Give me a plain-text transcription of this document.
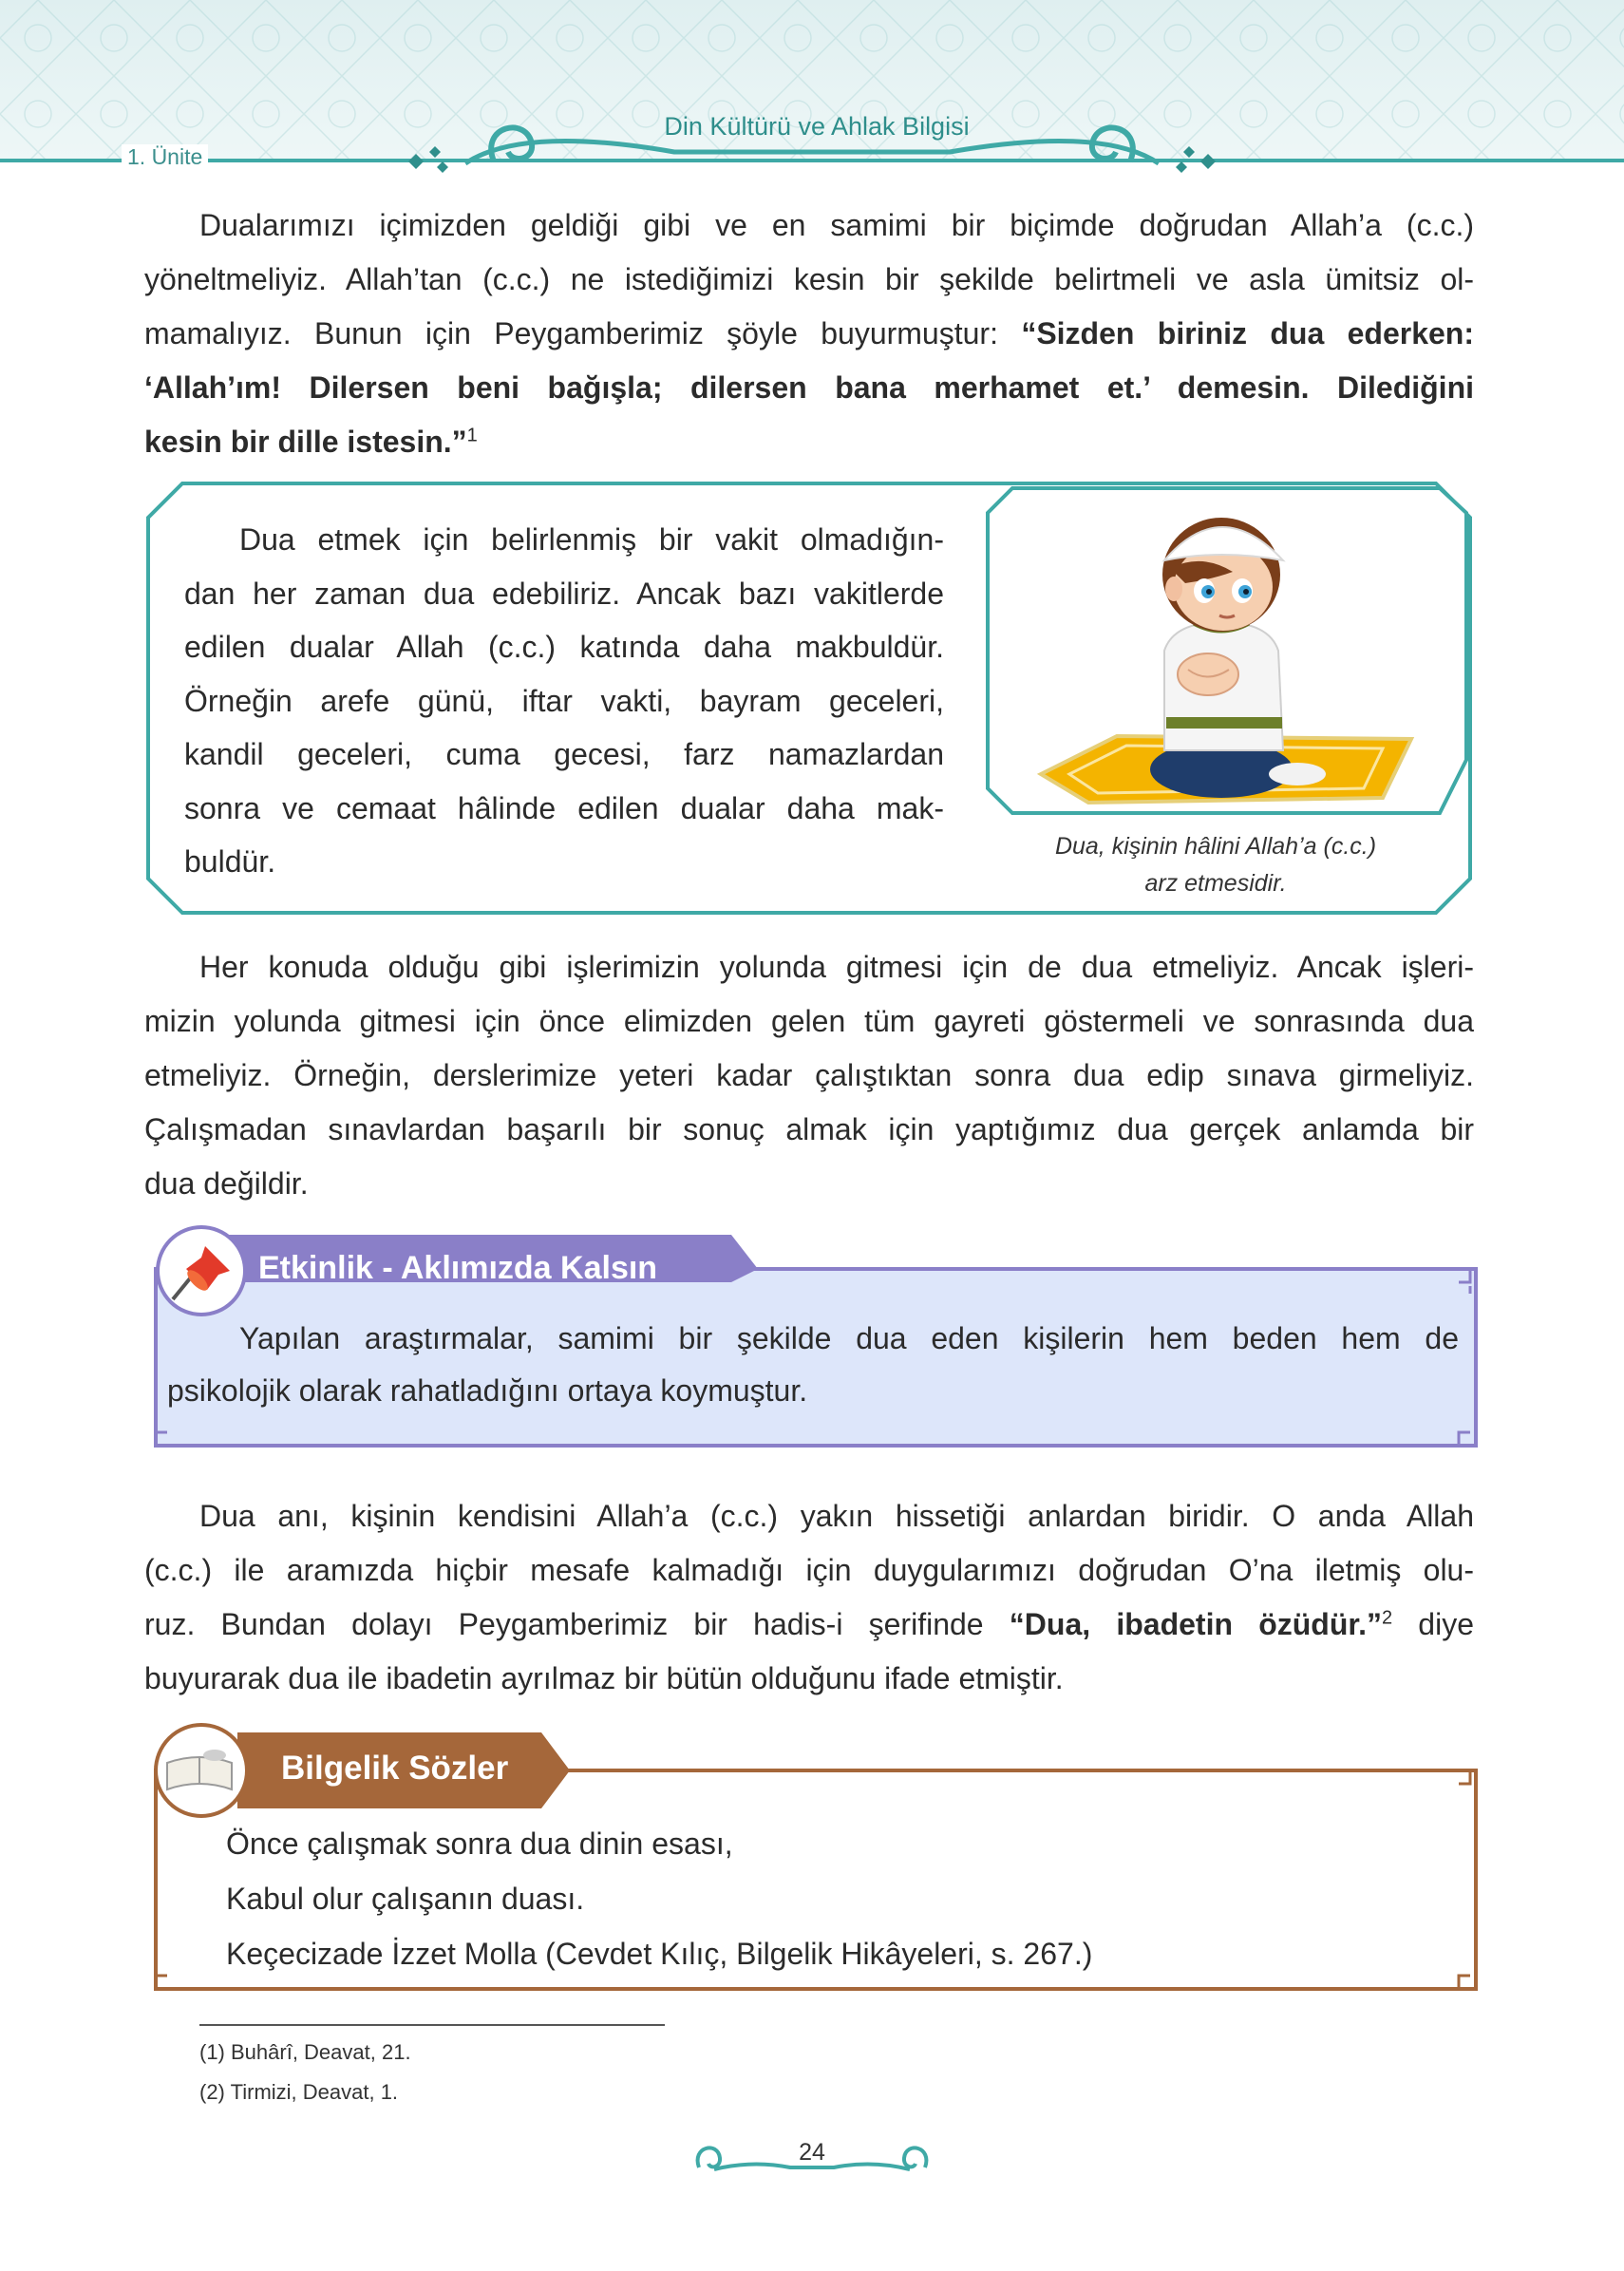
1. Ünite
Din Kültürü ve Ahlak Bilgisi

Dualarımızı içimizden geldiği gibi ve en samimi bir biçimde doğrudan Allah’a (c.c.)
yöneltmeliyiz. Allah’tan (c.c.) ne istediğimizi kesin bir şekilde belirtmeli ve asla ümitsiz ol-
mamalıyız. Bunun için Peygamberimiz şöyle buyurmuştur: “Sizden biriniz dua ederken:
‘Allah’ım! Dilersen beni bağışla; dilersen bana merhamet et.’ demesin. Dilediğini
kesin bir dille istesin.”$^1$

Dua etmek için belirlenmiş bir vakit olmadığın-
dan her zaman dua edebiliriz. Ancak bazı vakitlerde
edilen dualar Allah (c.c.) katında daha makbuldür.
Örneğin arefe günü, iftar vakti, bayram geceleri,
kandil geceleri, cuma gecesi, farz namazlardan
sonra ve cemaat hâlinde edilen dualar daha mak-
buldür.	Dua, kişinin hâlini Allah’a (c.c.)
arz etmesidir.

Her konuda olduğu gibi işlerimizin yolunda gitmesi için de dua etmeliyiz. Ancak işleri-
mizin yolunda gitmesi için önce elimizden gelen tüm gayreti göstermeli ve sonrasında dua
etmeliyiz. Örneğin, derslerimize yeteri kadar çalıştıktan sonra dua edip sınava girmeliyiz.
Çalışmadan sınavlardan başarılı bir sonuç almak için yaptığımız dua gerçek anlamda bir
dua değildir.

Etkinlik - Aklımızda Kalsın

Yapılan araştırmalar, samimi bir şekilde dua eden kişilerin hem beden hem de
psikolojik olarak rahatladığını ortaya koymuştur.

Dua anı, kişinin kendisini Allah’a (c.c.) yakın hissetiği anlardan biridir. O anda Allah
(c.c.) ile aramızda hiçbir mesafe kalmadığı için duygularımızı doğrudan O’na iletmiş olu-
ruz. Bundan dolayı Peygamberimiz bir hadis-i şerifinde “Dua, ibadetin özüdür.”$^2$ diye
buyurarak dua ile ibadetin ayrılmaz bir bütün olduğunu ifade etmiştir.

Bilgelik Sözler

Önce çalışmak sonra dua dinin esası,
Kabul olur çalışanın duası.
Keçecizade İzzet Molla (Cevdet Kılıç, Bilgelik Hikâyeleri, s. 267.)

(1) Buhârî, Deavat, 21.
(2) Tirmizi, Deavat, 1.
24
